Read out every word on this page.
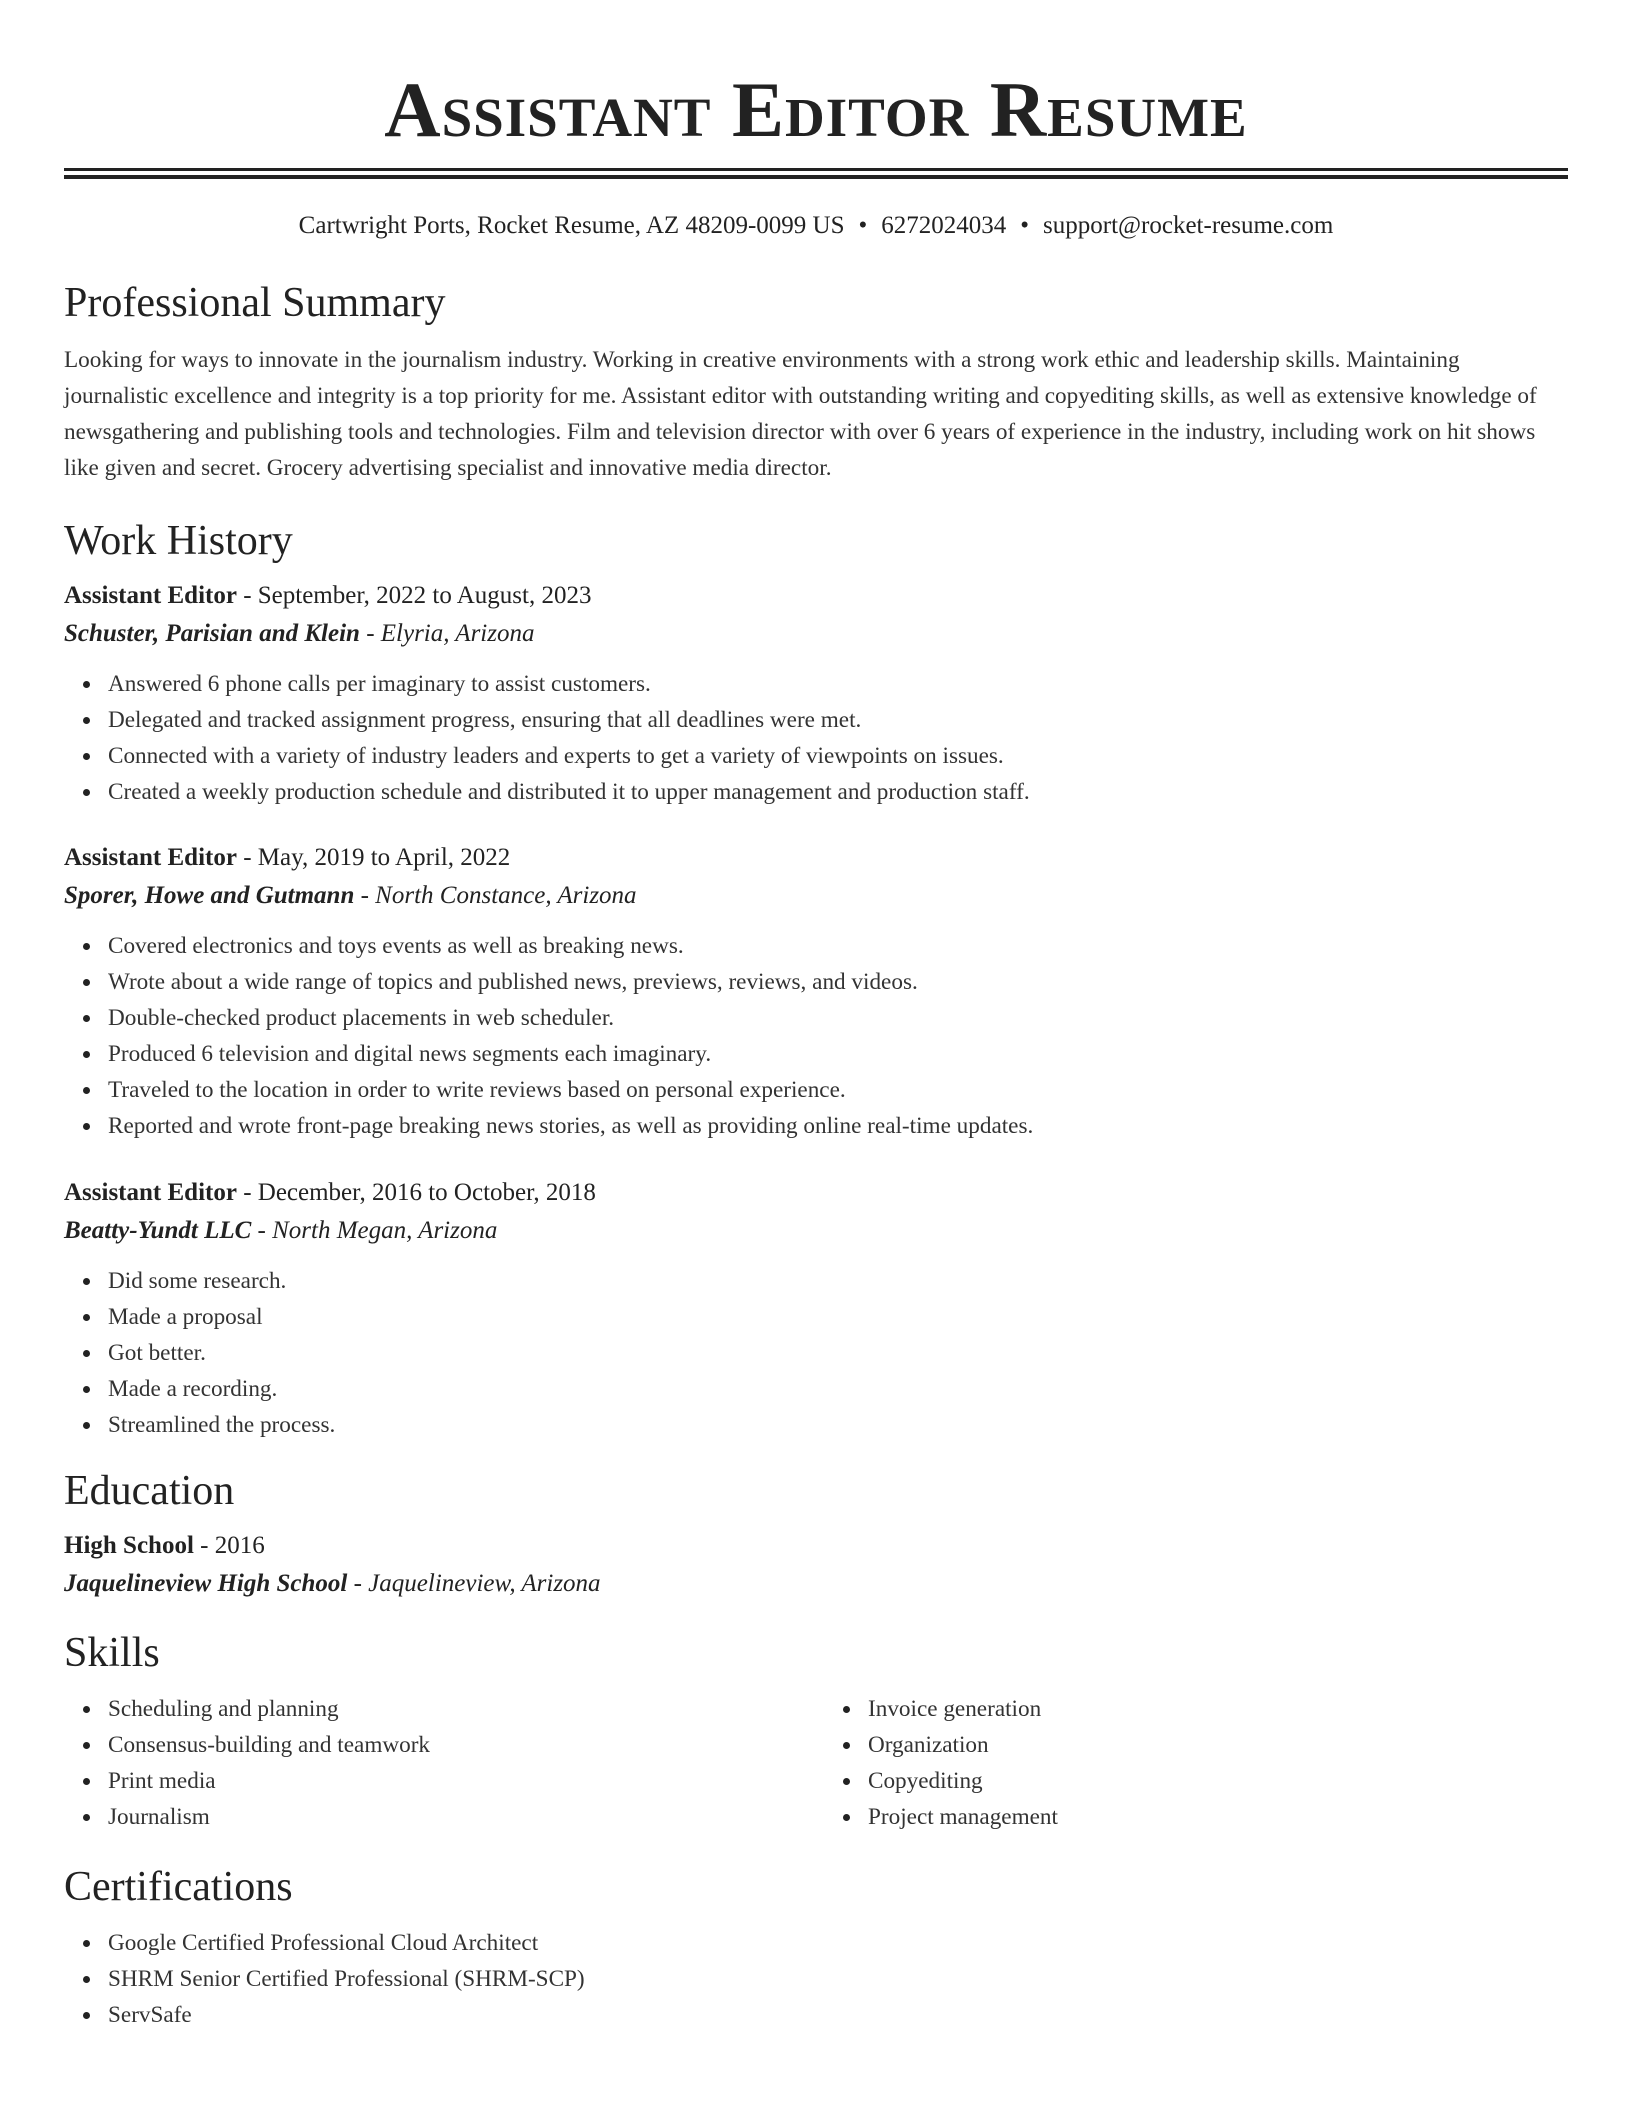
Assistant Editor Resume
Cartwright Ports, Rocket Resume, AZ 48209-0099 US • 6272024034 • support@rocket-resume.com
Professional Summary
Looking for ways to innovate in the journalism industry. Working in creative environments with a strong work ethic and leadership skills. Maintaining journalistic excellence and integrity is a top priority for me. Assistant editor with outstanding writing and copyediting skills, as well as extensive knowledge of newsgathering and publishing tools and technologies. Film and television director with over 6 years of experience in the industry, including work on hit shows like given and secret. Grocery advertising specialist and innovative media director.
Work History
Assistant Editor - September, 2022 to August, 2023
Schuster, Parisian and Klein - Elyria, Arizona
Answered 6 phone calls per imaginary to assist customers.
Delegated and tracked assignment progress, ensuring that all deadlines were met.
Connected with a variety of industry leaders and experts to get a variety of viewpoints on issues.
Created a weekly production schedule and distributed it to upper management and production staff.
Assistant Editor - May, 2019 to April, 2022
Sporer, Howe and Gutmann - North Constance, Arizona
Covered electronics and toys events as well as breaking news.
Wrote about a wide range of topics and published news, previews, reviews, and videos.
Double-checked product placements in web scheduler.
Produced 6 television and digital news segments each imaginary.
Traveled to the location in order to write reviews based on personal experience.
Reported and wrote front-page breaking news stories, as well as providing online real-time updates.
Assistant Editor - December, 2016 to October, 2018
Beatty-Yundt LLC - North Megan, Arizona
Did some research.
Made a proposal
Got better.
Made a recording.
Streamlined the process.
Education
High School - 2016
Jaquelineview High School - Jaquelineview, Arizona
Skills
Scheduling and planning
Consensus-building and teamwork
Print media
Journalism
Invoice generation
Organization
Copyediting
Project management
Certifications
Google Certified Professional Cloud Architect
SHRM Senior Certified Professional (SHRM-SCP)
ServSafe
